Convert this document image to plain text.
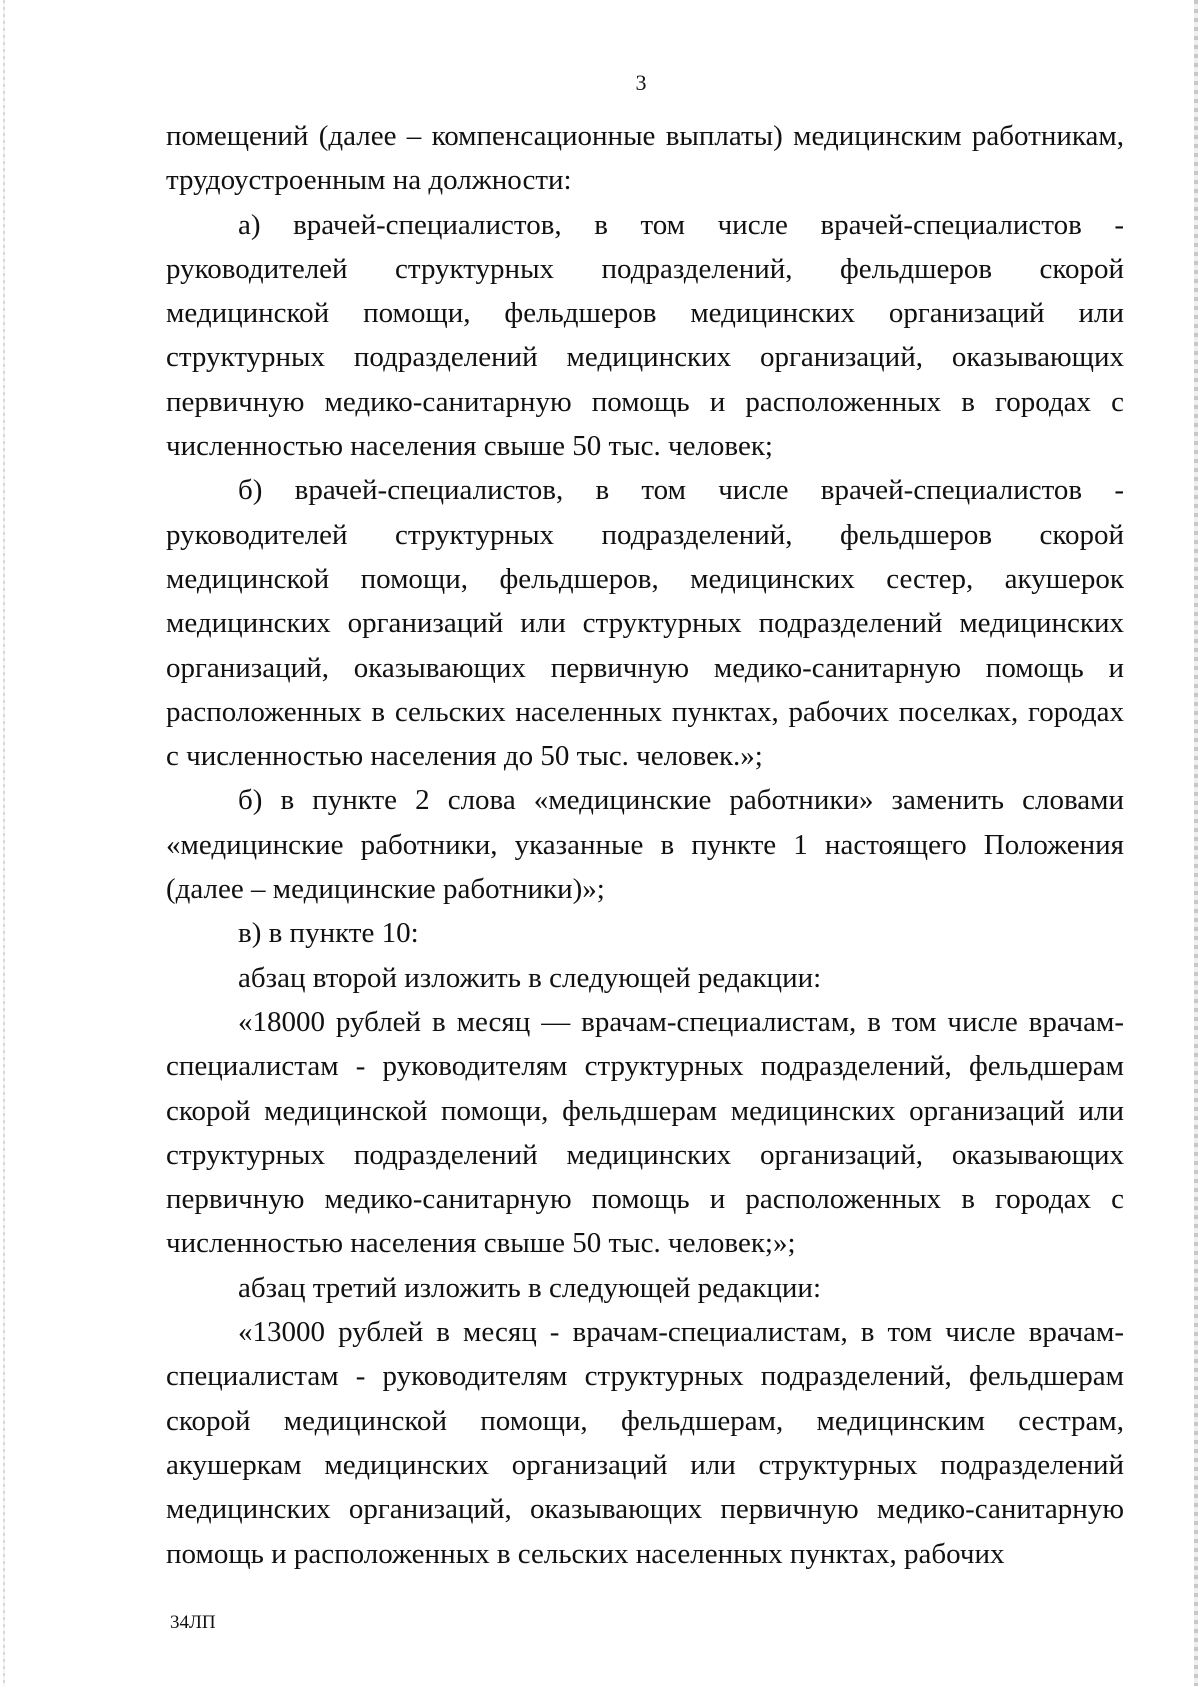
3

помещений (далее – компенсационные выплаты) медицинским работникам, трудоустроенным на должности:

а) врачей-специалистов, в том числе врачей-специалистов - руководителей структурных подразделений, фельдшеров скорой медицинской помощи, фельдшеров медицинских организаций или структурных подразделений медицинских организаций, оказывающих первичную медико-санитарную помощь и расположенных в городах с численностью населения свыше 50 тыс. человек;

б) врачей-специалистов, в том числе врачей-специалистов - руководителей структурных подразделений, фельдшеров скорой медицинской помощи, фельдшеров, медицинских сестер, акушерок медицинских организаций или структурных подразделений медицинских организаций, оказывающих первичную медико-санитарную помощь и расположенных в сельских населенных пунктах, рабочих поселках, городах с численностью населения до 50 тыс. человек.»;

б) в пункте 2 слова «медицинские работники» заменить словами «медицинские работники, указанные в пункте 1 настоящего Положения (далее – медицинские работники)»;

в) в пункте 10:

абзац второй изложить в следующей редакции:

«18000 рублей в месяц — врачам-специалистам, в том числе врачам-специалистам - руководителям структурных подразделений, фельдшерам скорой медицинской помощи, фельдшерам медицинских организаций или структурных подразделений медицинских организаций, оказывающих первичную медико-санитарную помощь и расположенных в городах с численностью населения свыше 50 тыс. человек;»;

абзац третий изложить в следующей редакции:

«13000 рублей в месяц - врачам-специалистам, в том числе врачам-специалистам - руководителям структурных подразделений, фельдшерам скорой медицинской помощи, фельдшерам, медицинским сестрам, акушеркам медицинских организаций или структурных подразделений медицинских организаций, оказывающих первичную медико-санитарную помощь и расположенных в сельских населенных пунктах, рабочих

34ЛП
